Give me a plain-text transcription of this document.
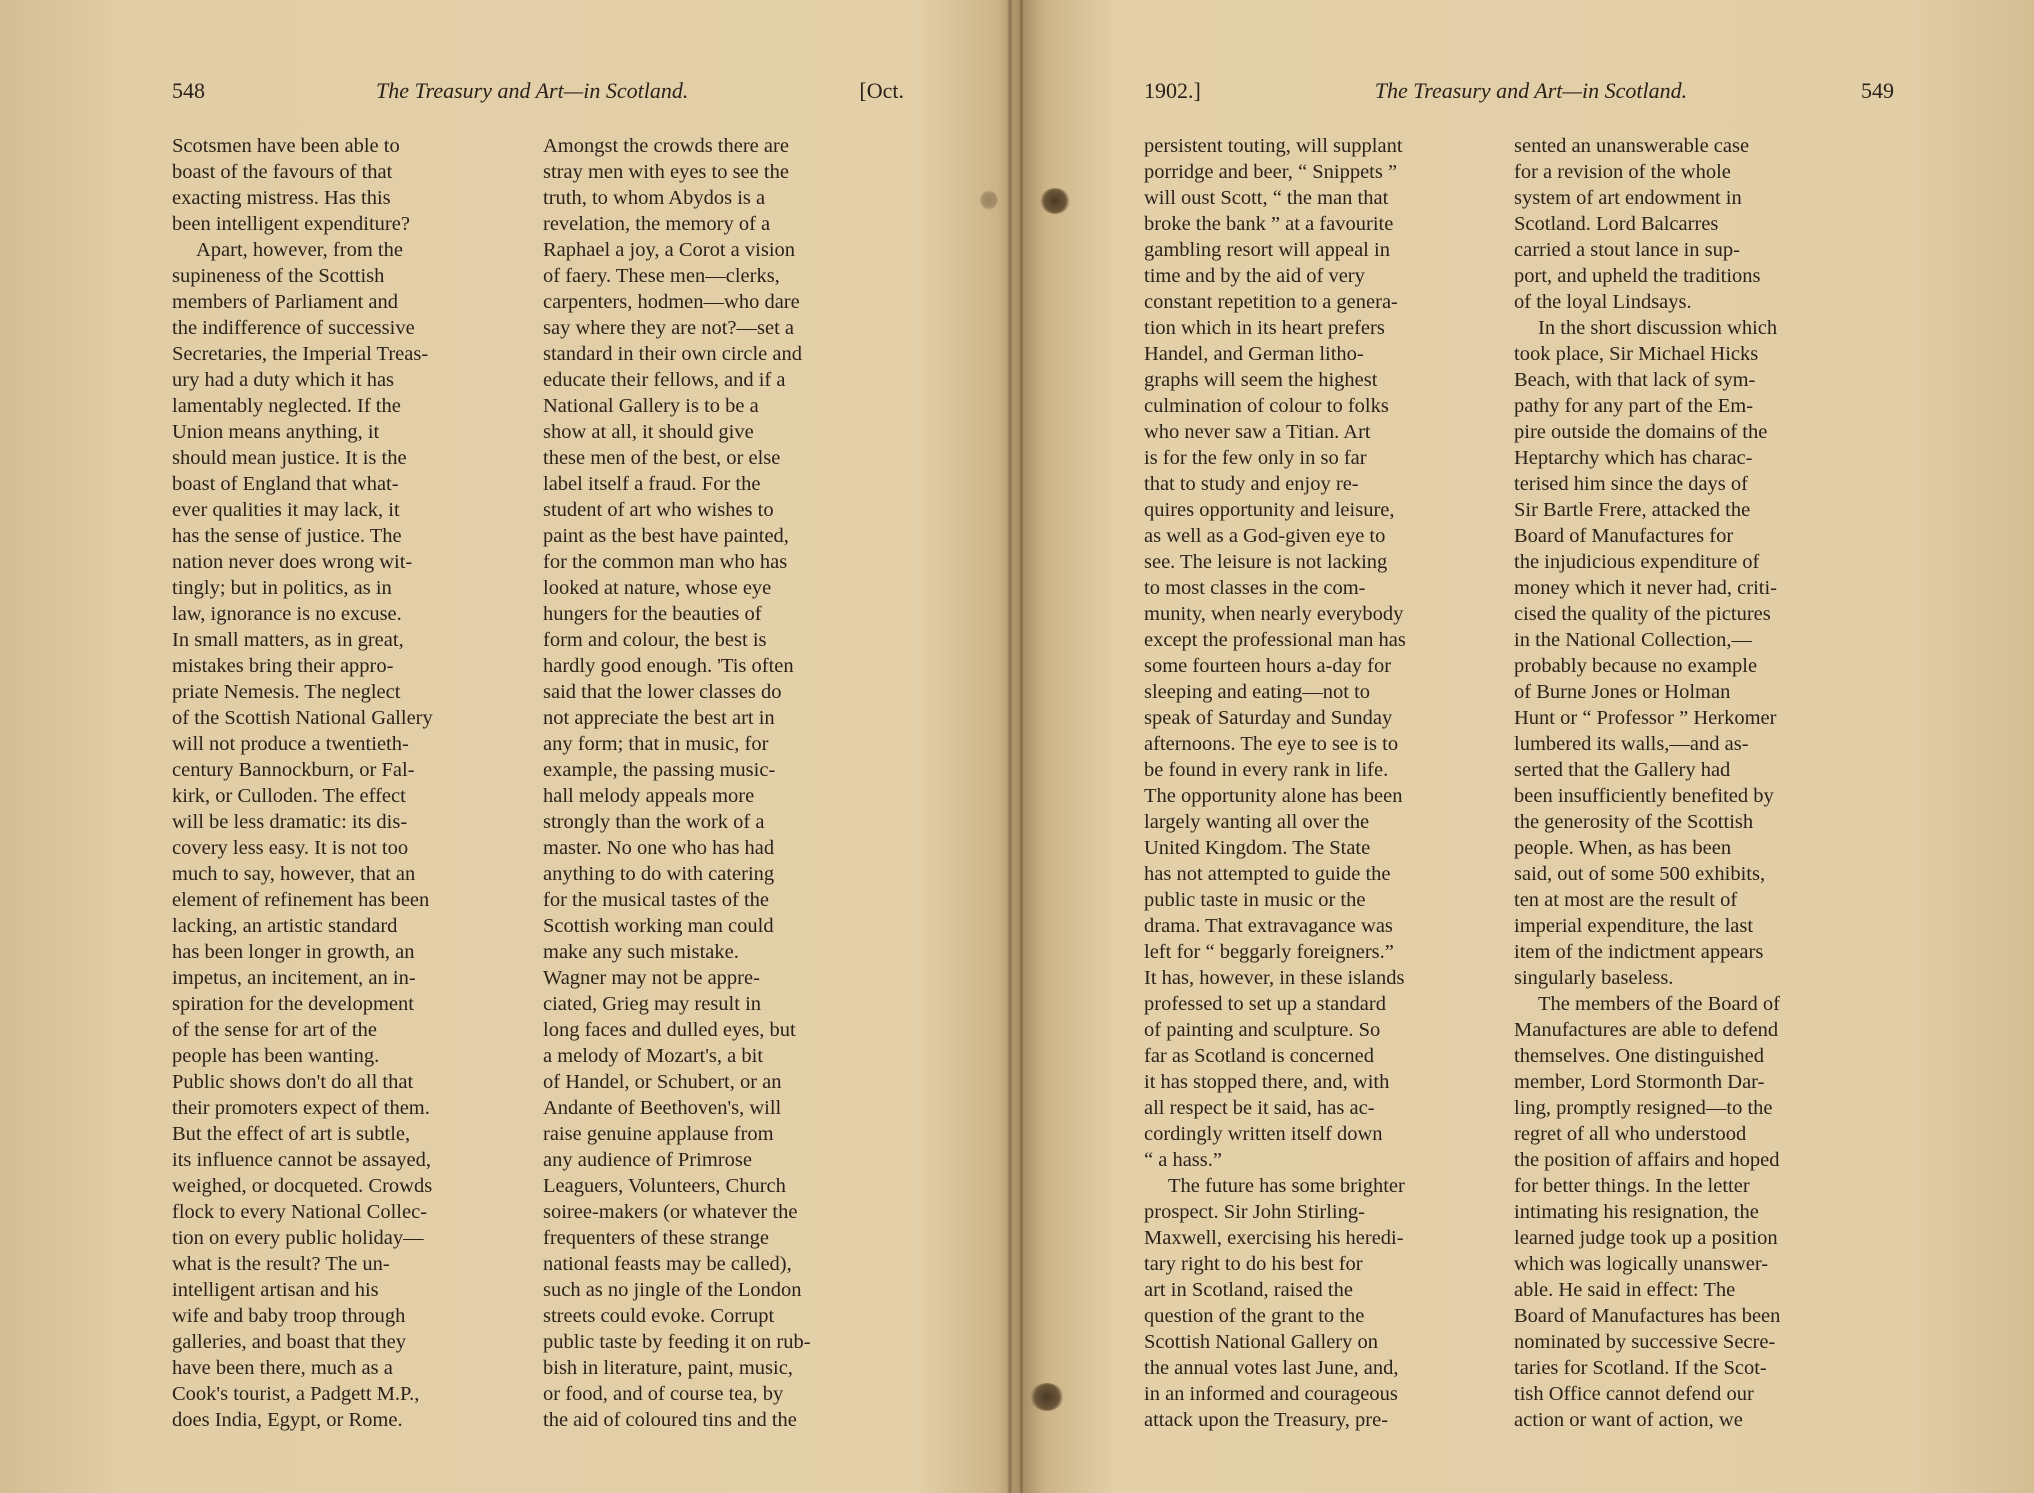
548	The Treasury and Art—in Scotland.	[Oct.

Scotsmen have been able to
boast of the favours of that
exacting mistress. Has this
been intelligent expenditure?

Apart, however, from the
supineness of the Scottish
members of Parliament and
the indifference of successive
Secretaries, the Imperial Treas-
ury had a duty which it has
lamentably neglected. If the
Union means anything, it
should mean justice. It is the
boast of England that what-
ever qualities it may lack, it
has the sense of justice. The
nation never does wrong wit-
tingly; but in politics, as in
law, ignorance is no excuse.
In small matters, as in great,
mistakes bring their appro-
priate Nemesis. The neglect
of the Scottish National Gallery
will not produce a twentieth-
century Bannockburn, or Fal-
kirk, or Culloden. The effect
will be less dramatic: its dis-
covery less easy. It is not too
much to say, however, that an
element of refinement has been
lacking, an artistic standard
has been longer in growth, an
impetus, an incitement, an in-
spiration for the development
of the sense for art of the
people has been wanting.
Public shows don't do all that
their promoters expect of them.
But the effect of art is subtle,
its influence cannot be assayed,
weighed, or docqueted. Crowds
flock to every National Collec-
tion on every public holiday—
what is the result? The un-
intelligent artisan and his
wife and baby troop through
galleries, and boast that they
have been there, much as a
Cook's tourist, a Padgett M.P.,
does India, Egypt, or Rome.

Amongst the crowds there are
stray men with eyes to see the
truth, to whom Abydos is a
revelation, the memory of a
Raphael a joy, a Corot a vision
of faery. These men—clerks,
carpenters, hodmen—who dare
say where they are not?—set a
standard in their own circle and
educate their fellows, and if a
National Gallery is to be a
show at all, it should give
these men of the best, or else
label itself a fraud. For the
student of art who wishes to
paint as the best have painted,
for the common man who has
looked at nature, whose eye
hungers for the beauties of
form and colour, the best is
hardly good enough. 'Tis often
said that the lower classes do
not appreciate the best art in
any form; that in music, for
example, the passing music-
hall melody appeals more
strongly than the work of a
master. No one who has had
anything to do with catering
for the musical tastes of the
Scottish working man could
make any such mistake.
Wagner may not be appre-
ciated, Grieg may result in
long faces and dulled eyes, but
a melody of Mozart's, a bit
of Handel, or Schubert, or an
Andante of Beethoven's, will
raise genuine applause from
any audience of Primrose
Leaguers, Volunteers, Church
soiree-makers (or whatever the
frequenters of these strange
national feasts may be called),
such as no jingle of the London
streets could evoke. Corrupt
public taste by feeding it on rub-
bish in literature, paint, music,
or food, and of course tea, by
the aid of coloured tins and the

1902.]	The Treasury and Art—in Scotland.	549

persistent touting, will supplant
porridge and beer, “ Snippets ”
will oust Scott, “ the man that
broke the bank ” at a favourite
gambling resort will appeal in
time and by the aid of very
constant repetition to a genera-
tion which in its heart prefers
Handel, and German litho-
graphs will seem the highest
culmination of colour to folks
who never saw a Titian. Art
is for the few only in so far
that to study and enjoy re-
quires opportunity and leisure,
as well as a God-given eye to
see. The leisure is not lacking
to most classes in the com-
munity, when nearly everybody
except the professional man has
some fourteen hours a-day for
sleeping and eating—not to
speak of Saturday and Sunday
afternoons. The eye to see is to
be found in every rank in life.
The opportunity alone has been
largely wanting all over the
United Kingdom. The State
has not attempted to guide the
public taste in music or the
drama. That extravagance was
left for “ beggarly foreigners.”
It has, however, in these islands
professed to set up a standard
of painting and sculpture. So
far as Scotland is concerned
it has stopped there, and, with
all respect be it said, has ac-
cordingly written itself down
“ a hass.”

The future has some brighter
prospect. Sir John Stirling-
Maxwell, exercising his heredi-
tary right to do his best for
art in Scotland, raised the
question of the grant to the
Scottish National Gallery on
the annual votes last June, and,
in an informed and courageous
attack upon the Treasury, pre-

sented an unanswerable case
for a revision of the whole
system of art endowment in
Scotland. Lord Balcarres
carried a stout lance in sup-
port, and upheld the traditions
of the loyal Lindsays.

In the short discussion which
took place, Sir Michael Hicks
Beach, with that lack of sym-
pathy for any part of the Em-
pire outside the domains of the
Heptarchy which has charac-
terised him since the days of
Sir Bartle Frere, attacked the
Board of Manufactures for
the injudicious expenditure of
money which it never had, criti-
cised the quality of the pictures
in the National Collection,—
probably because no example
of Burne Jones or Holman
Hunt or “ Professor ” Herkomer
lumbered its walls,—and as-
serted that the Gallery had
been insufficiently benefited by
the generosity of the Scottish
people. When, as has been
said, out of some 500 exhibits,
ten at most are the result of
imperial expenditure, the last
item of the indictment appears
singularly baseless.

The members of the Board of
Manufactures are able to defend
themselves. One distinguished
member, Lord Stormonth Dar-
ling, promptly resigned—to the
regret of all who understood
the position of affairs and hoped
for better things. In the letter
intimating his resignation, the
learned judge took up a position
which was logically unanswer-
able. He said in effect: The
Board of Manufactures has been
nominated by successive Secre-
taries for Scotland. If the Scot-
tish Office cannot defend our
action or want of action, we
